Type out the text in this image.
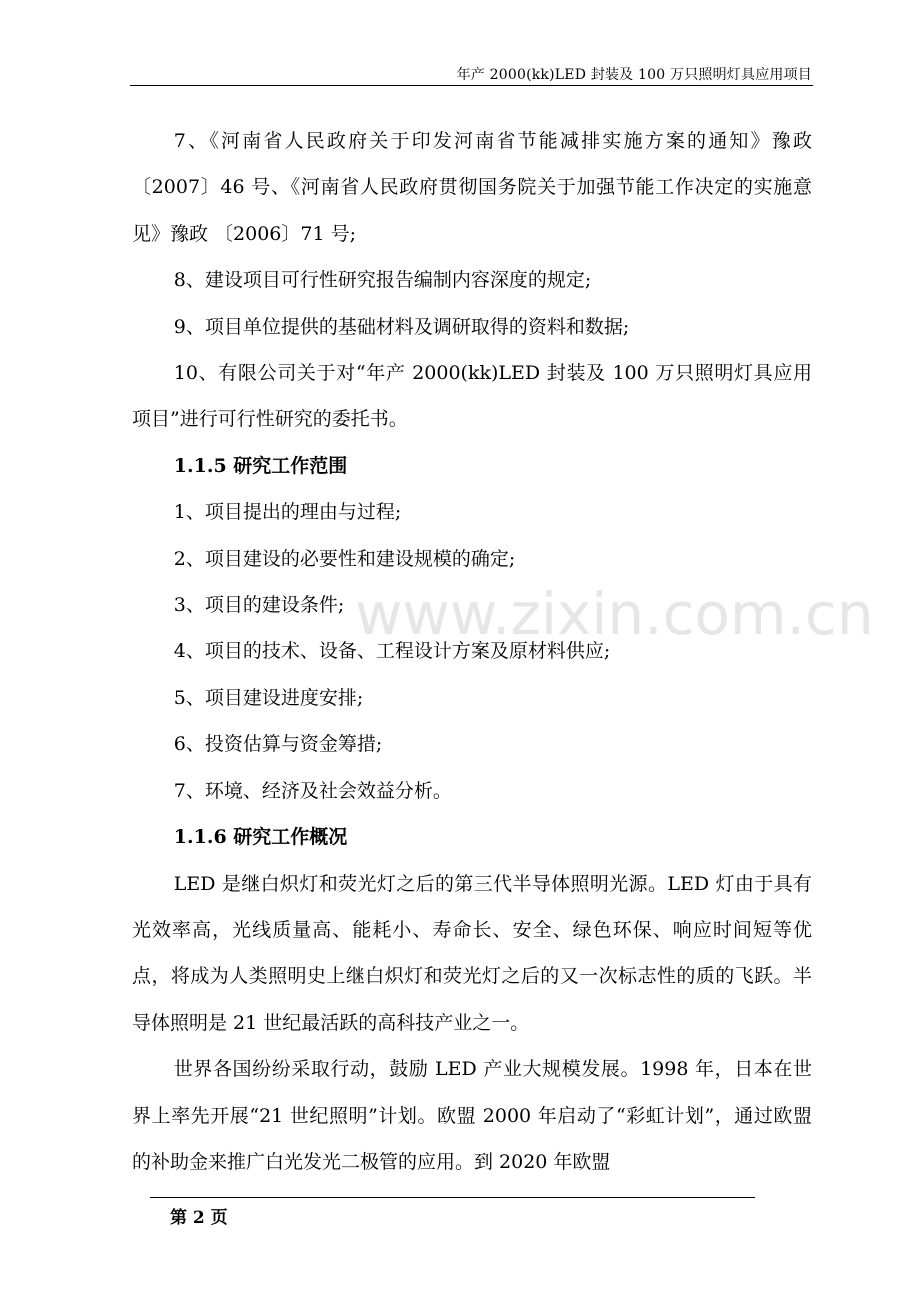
www.zixin.com.cn
年产 2000(kk)LED 封装及 100 万只照明灯具应用项目

7、《河南省人民政府关于印发河南省节能减排实施方案的通知》豫政 〔2007〕46 号、《河南省人民政府贯彻国务院关于加强节能工作决定的实施意见》豫政 〔2006〕71 号;

8、建设项目可行性研究报告编制内容深度的规定;

9、项目单位提供的基础材料及调研取得的资料和数据;

10、有限公司关于对“年产 2000(kk)LED 封装及 100 万只照明灯具应用项目”进行可行性研究的委托书。

1.1.5 研究工作范围

1、项目提出的理由与过程;

2、项目建设的必要性和建设规模的确定;

3、项目的建设条件;

4、项目的技术、设备、工程设计方案及原材料供应;

5、项目建设进度安排;

6、投资估算与资金筹措;

7、环境、经济及社会效益分析。

1.1.6 研究工作概况

LED 是继白炽灯和荧光灯之后的第三代半导体照明光源。LED 灯由于具有光效率高，光线质量高、能耗小、寿命长、安全、绿色环保、响应时间短等优点，将成为人类照明史上继白炽灯和荧光灯之后的又一次标志性的质的飞跃。半导体照明是 21 世纪最活跃的高科技产业之一。

世界各国纷纷采取行动，鼓励 LED 产业大规模发展。1998 年，日本在世界上率先开展“21 世纪照明”计划。欧盟 2000 年启动了“彩虹计划”，通过欧盟的补助金来推广白光发光二极管的应用。到 2020 年欧盟

第 2 页
